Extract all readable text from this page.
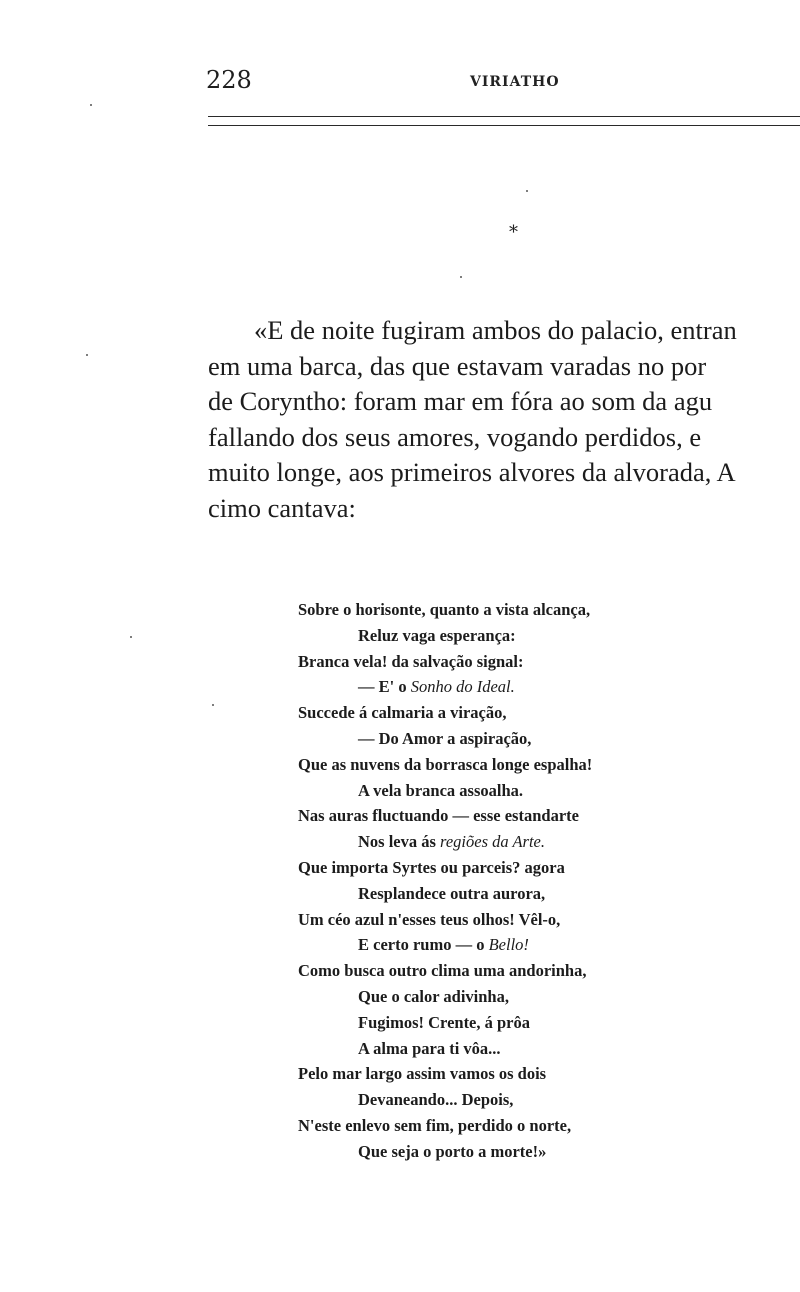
228	VIRIATHO
*
«E de noite fugiram ambos do palacio, entran
em uma barca, das que estavam varadas no por
de Coryntho: foram mar em fóra ao som da agu
fallando dos seus amores, vogando perdidos, e
muito longe, aos primeiros alvores da alvorada, A
cimo cantava:
Sobre o horisonte, quanto a vista alcança,
Reluz vaga esperança:
Branca vela! da salvação signal:
— E' o Sonho do Ideal.
Succede á calmaria a viração,
— Do Amor a aspiração,
Que as nuvens da borrasca longe espalha!
A vela branca assoalha.
Nas auras fluctuando — esse estandarte
Nos leva ás regiões da Arte.
Que importa Syrtes ou parceis? agora
Resplandece outra aurora,
Um céo azul n'esses teus olhos! Vêl-o,
E certo rumo — o Bello!
Como busca outro clima uma andorinha,
Que o calor adivinha,
Fugimos! Crente, á prôa
A alma para ti vôa...
Pelo mar largo assim vamos os dois
Devaneando... Depois,
N'este enlevo sem fim, perdido o norte,
Que seja o porto a morte!»
